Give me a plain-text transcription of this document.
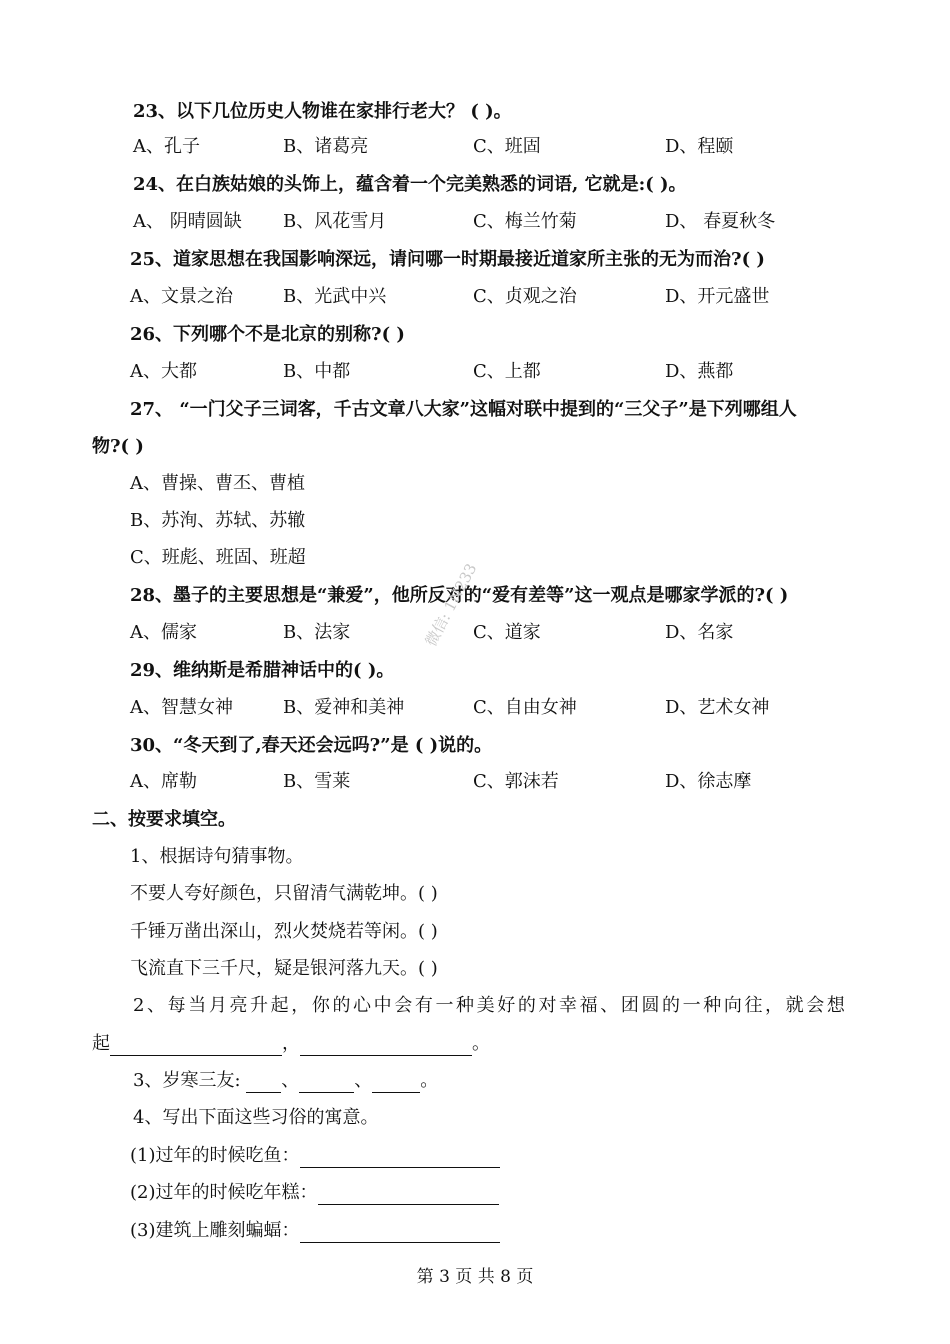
23、以下几位历史人物谁在家排行老大？ ( )。
A、孔子	B、诸葛亮	C、班固	D、程颐
24、在白族姑娘的头饰上，蕴含着一个完美熟悉的词语, 它就是:( )。
A、 阴晴圆缺 B、风花雪月	C、梅兰竹菊	D、 春夏秋冬
25、道家思想在我国影响深远，请问哪一时期最接近道家所主张的无为而治?( )
A、文景之治	B、光武中兴	C、贞观之治	D、开元盛世
26、下列哪个不是北京的别称?( )
A、大都	B、中都	C、上都	D、燕都
27、 “一门父子三词客，千古文章八大家”这幅对联中提到的“三父子”是下列哪组人
物?( )
A、曹操、曹丕、曹植
B、苏洵、苏轼、苏辙
C、班彪、班固、班超
28、墨子的主要思想是“兼爱”，他所反对的“爱有差等”这一观点是哪家学派的?( )
A、儒家	B、法家	C、道家	D、名家
29、维纳斯是希腊神话中的( )。
A、智慧女神	B、爱神和美神	C、自由女神	D、艺术女神
30、“冬天到了,春天还会远吗?”是 ( )说的。
A、席勒	B、雪莱	C、郭沫若	D、徐志摩
二、按要求填空。
1、根据诗句猜事物。
不要人夸好颜色，只留清气满乾坤。( )
千锤万凿出深山，烈火焚烧若等闲。( )
飞流直下三千尺，疑是银河落九天。( )
2、每当月亮升起，你的心中会有一种美好的对幸福、团圆的一种向往，就会想
起	，	。
3、岁寒三友: 、	、	。
4、写出下面这些习俗的寓意。
(1)过年的时候吃鱼：
(2)过年的时候吃年糕：
(3)建筑上雕刻蝙蝠：
微信: 1N233
第 3 页 共 8 页
